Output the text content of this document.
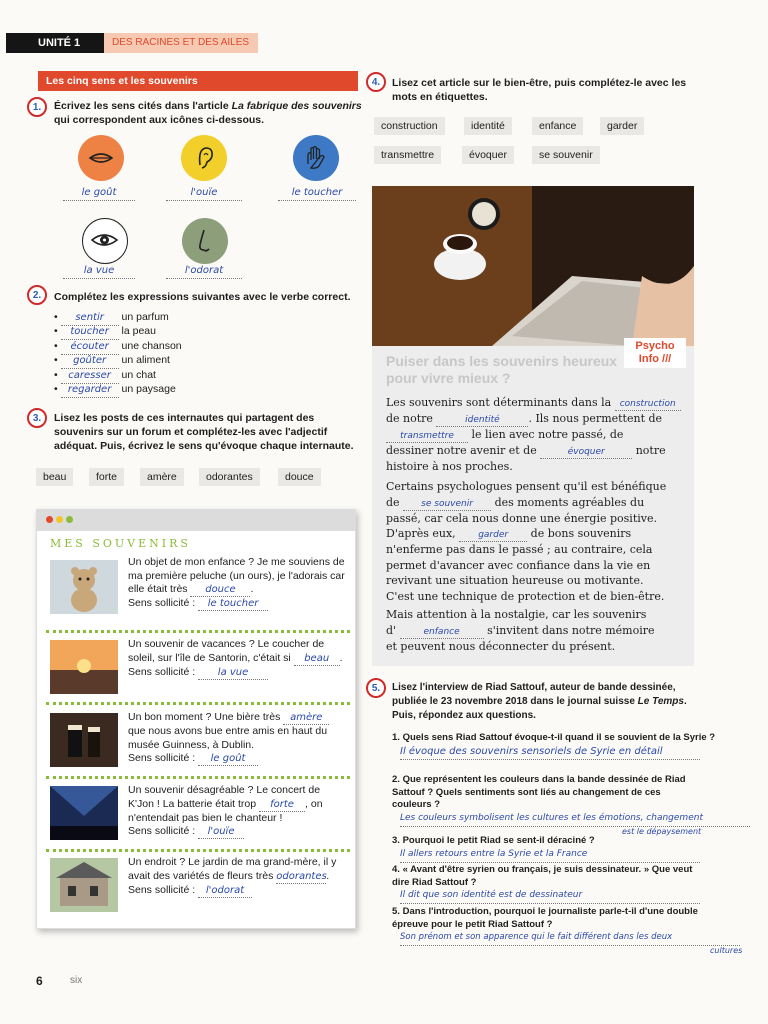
UNITÉ 1	DES RACINES ET DES AILES
Les cinq sens et les souvenirs
1.	Écrivez les sens cités dans l'article La fabrique des souvenirs qui correspondent aux icônes ci-dessous.
le goût	l'ouïe	le toucher
la vue	l'odorat
2.	Complétez les expressions suivantes avec le verbe correct.
• sentir un parfum
• toucher la peau
• écouter une chanson
• goûter un aliment
• caresser un chat
• regarder un paysage
3.	Lisez les posts de ces internautes qui partagent des souvenirs sur un forum et complétez-les avec l'adjectif adéquat. Puis, écrivez le sens qu'évoque chaque internaute.
beau	forte	amère	odorantes	douce
MES SOUVENIRS
Un objet de mon enfance ? Je me souviens de ma première peluche (un ours), je l'adorais car elle était très douce .
Sens sollicité : le toucher
Un souvenir de vacances ? Le coucher de soleil, sur l'île de Santorin, c'était si beau .
Sens sollicité : la vue
Un bon moment ? Une bière très amère que nous avons bue entre amis en haut du musée Guinness, à Dublin.
Sens sollicité : le goût
Un souvenir désagréable ? Le concert de K'Jon ! La batterie était trop forte , on n'entendait pas bien le chanteur !
Sens sollicité : l'ouïe
Un endroit ? Le jardin de ma grand-mère, il y avait des variétés de fleurs très odorantes.
Sens sollicité : l'odorat
4.	Lisez cet article sur le bien-être, puis complétez-le avec les mots en étiquettes.
construction	identité	enfance	garder
transmettre	évoquer	se souvenir
Psycho Info ///
Puiser dans les souvenirs heureux pour vivre mieux ?
Les souvenirs sont déterminants dans la construction
de notre	identité	. Ils nous permettent de
transmettre le lien avec notre passé, de
dessiner notre avenir et de	évoquer	notre
histoire à nos proches.
Certains psychologues pensent qu'il est bénéfique
de se souvenir des moments agréables du
passé, car cela nous donne une énergie positive.
D'après eux,	garder de bons souvenirs
n'enferme pas dans le passé ; au contraire, cela
permet d'avancer avec confiance dans la vie en
revivant une situation heureuse ou motivante.
C'est une technique de protection et de bien-être.
Mais attention à la nostalgie, car les souvenirs
d'	enfance s'invitent dans notre mémoire
et peuvent nous déconnecter du présent.
5.	Lisez l'interview de Riad Sattouf, auteur de bande dessinée, publiée le 23 novembre 2018 dans le journal suisse Le Temps. Puis, répondez aux questions.
1. Quels sens Riad Sattouf évoque-t-il quand il se souvient de la Syrie ?
Il évoque des souvenirs sensoriels de Syrie en détail
2. Que représentent les couleurs dans la bande dessinée de Riad Sattouf ? Quels sentiments sont liés au changement de ces couleurs ?
Les couleurs symbolisent les cultures et les émotions, changement
est le dépaysement
3. Pourquoi le petit Riad se sent-il déraciné ?
Il allers retours entre la Syrie et la France
4. « Avant d'être syrien ou français, je suis dessinateur. » Que veut dire Riad Sattouf ?
Il dit que son identité est de dessinateur
5. Dans l'introduction, pourquoi le journaliste parle-t-il d'une double épreuve pour le petit Riad Sattouf ?
Son prénom et son apparence qui le fait différent dans les deux
cultures
6	six
